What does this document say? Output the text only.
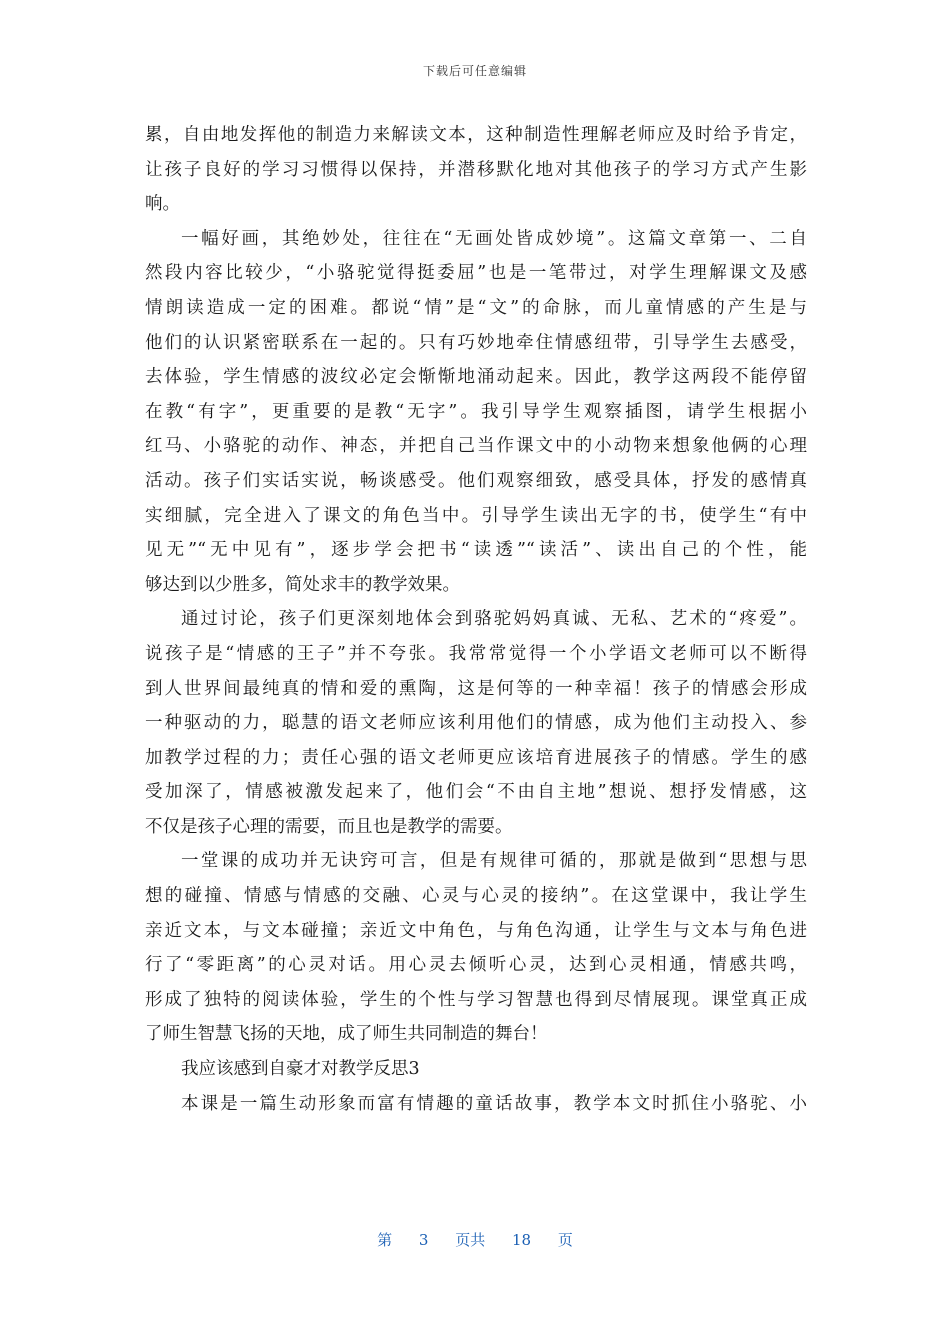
下载后可任意编辑
累，自由地发挥他的制造力来解读文本，这种制造性理解老师应及时给予肯定，
让孩子良好的学习习惯得以保持，并潜移默化地对其他孩子的学习方式产生影
响。
一幅好画，其绝妙处，往往在“无画处皆成妙境”。这篇文章第一、二自
然段内容比较少，“小骆驼觉得挺委屈”也是一笔带过，对学生理解课文及感
情朗读造成一定的困难。都说“情”是“文”的命脉，而儿童情感的产生是与
他们的认识紧密联系在一起的。只有巧妙地牵住情感纽带，引导学生去感受，
去体验，学生情感的波纹必定会惭惭地涌动起来。因此，教学这两段不能停留
在教“有字”，更重要的是教“无字”。我引导学生观察插图，请学生根据小
红马、小骆驼的动作、神态，并把自己当作课文中的小动物来想象他俩的心理
活动。孩子们实话实说，畅谈感受。他们观察细致，感受具体，抒发的感情真
实细腻，完全进入了课文的角色当中。引导学生读出无字的书，使学生“有中
见无”“无中见有”，逐步学会把书“读透”“读活”、读出自己的个性，能
够达到以少胜多，简处求丰的教学效果。
通过讨论，孩子们更深刻地体会到骆驼妈妈真诚、无私、艺术的“疼爱”。
说孩子是“情感的王子”并不夸张。我常常觉得一个小学语文老师可以不断得
到人世界间最纯真的情和爱的熏陶，这是何等的一种幸福！孩子的情感会形成
一种驱动的力，聪慧的语文老师应该利用他们的情感，成为他们主动投入、参
加教学过程的力；责任心强的语文老师更应该培育进展孩子的情感。学生的感
受加深了，情感被激发起来了，他们会“不由自主地”想说、想抒发情感，这
不仅是孩子心理的需要，而且也是教学的需要。
一堂课的成功并无诀窍可言，但是有规律可循的，那就是做到“思想与思
想的碰撞、情感与情感的交融、心灵与心灵的接纳”。在这堂课中，我让学生
亲近文本，与文本碰撞；亲近文中角色，与角色沟通，让学生与文本与角色进
行了“零距离”的心灵对话。用心灵去倾听心灵，达到心灵相通，情感共鸣，
形成了独特的阅读体验，学生的个性与学习智慧也得到尽情展现。课堂真正成
了师生智慧飞扬的天地，成了师生共同制造的舞台！
我应该感到自豪才对教学反思3
本课是一篇生动形象而富有情趣的童话故事，教学本文时抓住小骆驼、小
第 3 页共 18 页
